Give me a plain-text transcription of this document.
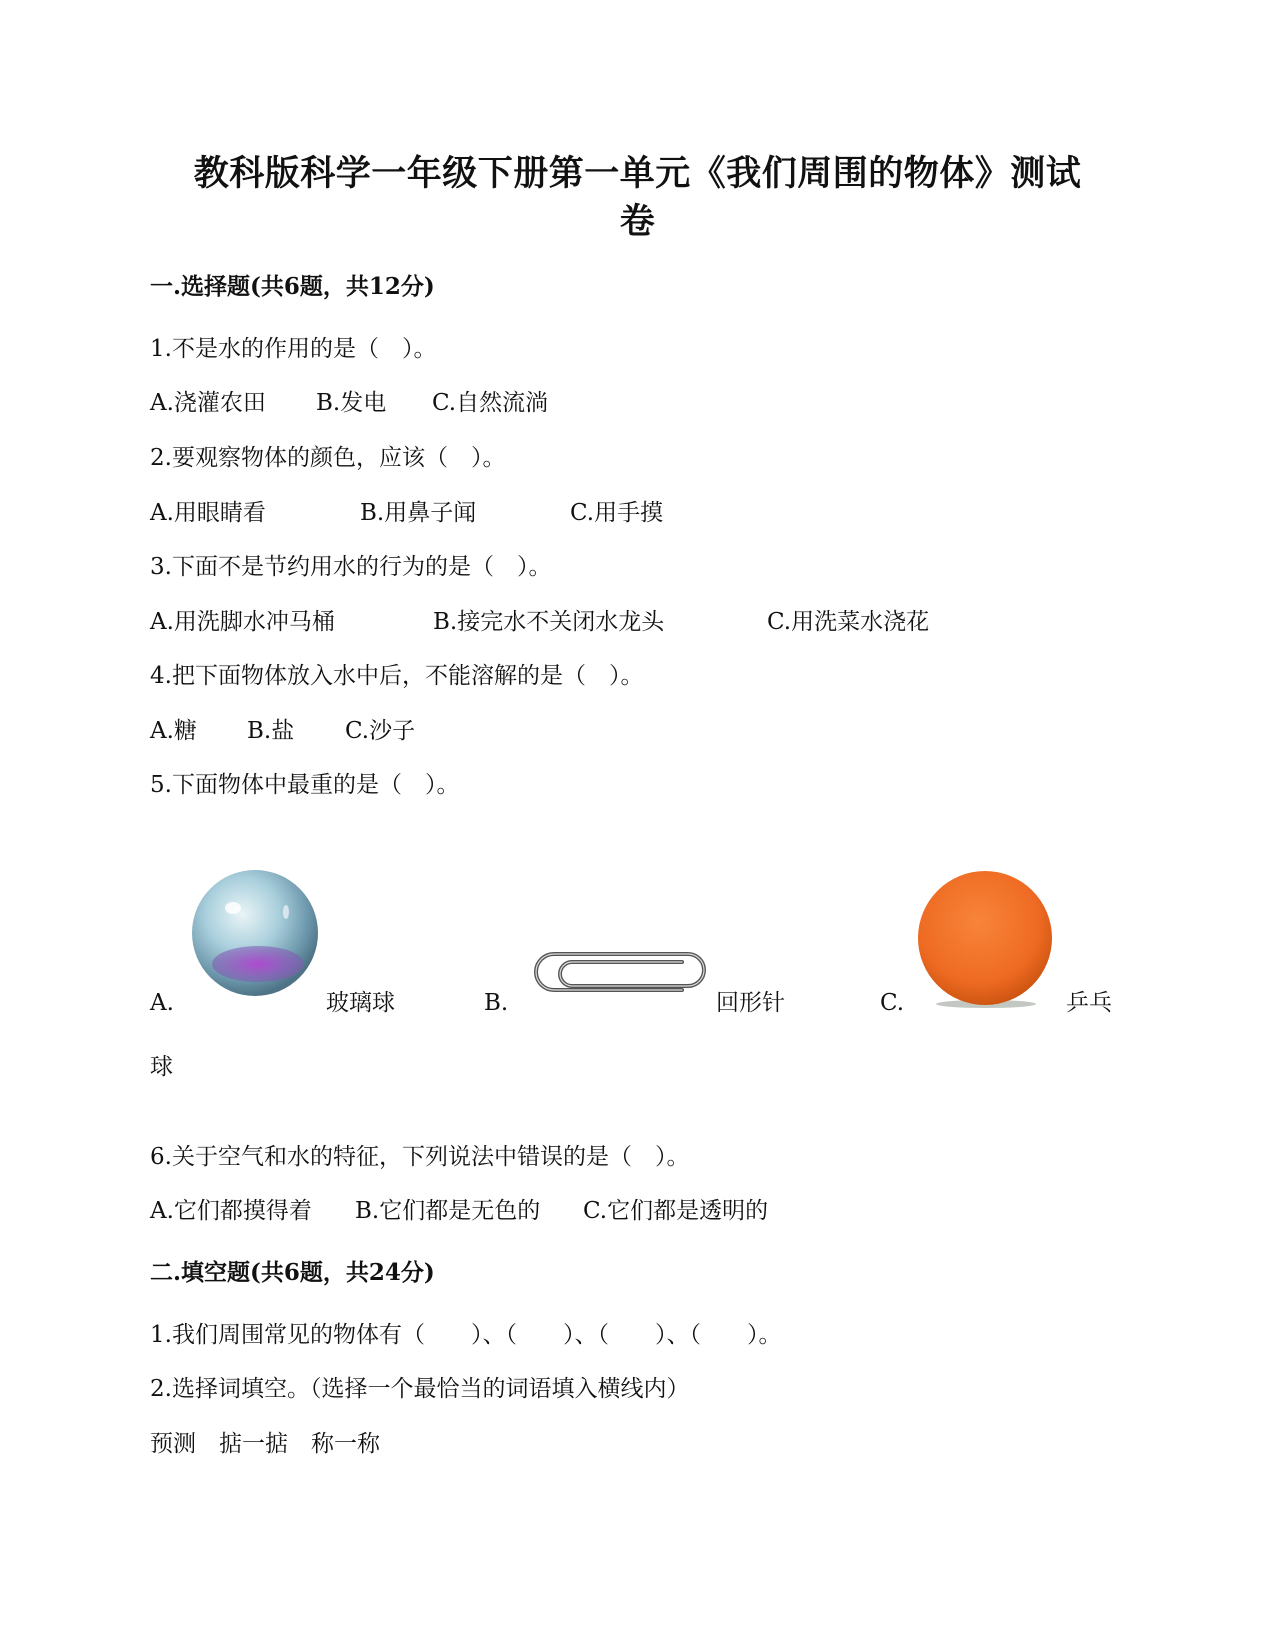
教科版科学一年级下册第一单元《我们周围的物体》测试
卷
一.选择题(共6题，共12分)
1.不是水的作用的是（　）。
A.浇灌农田 B.发电 C.自然流淌
2.要观察物体的颜色，应该（　）。
A.用眼睛看	B.用鼻子闻	C.用手摸
3.下面不是节约用水的行为的是（　）。
A.用洗脚水冲马桶	B.接完水不关闭水龙头	C.用洗菜水浇花
4.把下面物体放入水中后，不能溶解的是（　）。
A.糖 B.盐 C.沙子
5.下面物体中最重的是（　）。
A.	玻璃球	B.	回形针	C.	乒乓
球
6.关于空气和水的特征，下列说法中错误的是（　）。
A.它们都摸得着 B.它们都是无色的 C.它们都是透明的
二.填空题(共6题，共24分)
1.我们周围常见的物体有（　　）、（　　）、（　　）、（　　）。
2.选择词填空。（选择一个最恰当的词语填入横线内）
预测　掂一掂　称一称
